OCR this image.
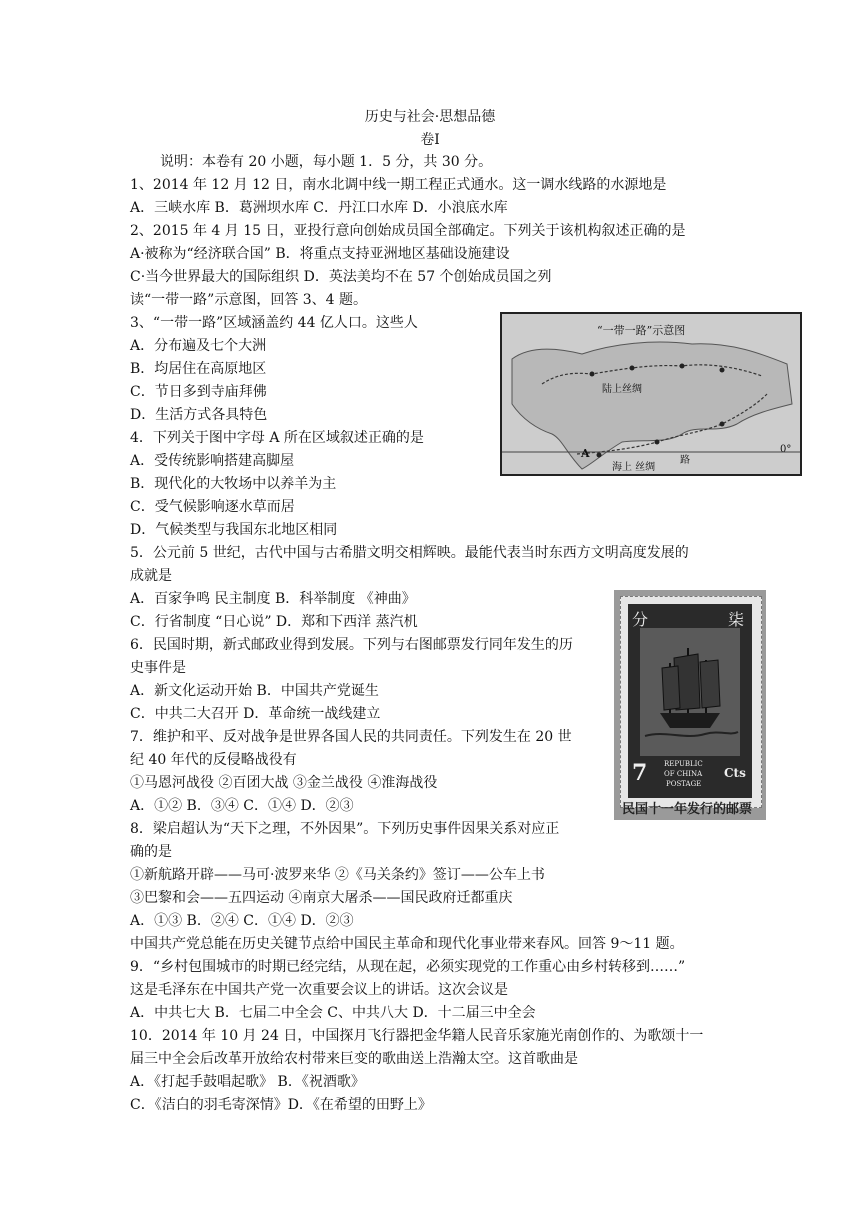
历史与社会·思想品德
卷Ⅰ
说明：本卷有 20 小题，每小题 1．5 分，共 30 分。
1、2014 年 12 月 12 日，南水北调中线一期工程正式通水。这一调水线路的水源地是
A．三峡水库 B．葛洲坝水库 C．丹江口水库 D．小浪底水库
2、2015 年 4 月 15 日，亚投行意向创始成员国全部确定。下列关于该机构叙述正确的是
A·被称为“经济联合国” B．将重点支持亚洲地区基础设施建设
C·当今世界最大的国际组织 D．英法美均不在 57 个创始成员国之列
读“一带一路”示意图，回答 3、4 题。
3、“一带一路”区域涵盖约 44 亿人口。这些人
A．分布遍及七个大洲
B．均居住在高原地区
C．节日多到寺庙拜佛
D．生活方式各具特色
4．下列关于图中字母 A 所在区域叙述正确的是
A．受传统影响搭建高脚屋
B．现代化的大牧场中以养羊为主
C．受气候影响逐水草而居
D．气候类型与我国东北地区相同
5．公元前 5 世纪，古代中国与古希腊文明交相辉映。最能代表当时东西方文明高度发展的
成就是
A．百家争鸣 民主制度 B．科举制度 《神曲》
C．行省制度 “日心说” D．郑和下西洋 蒸汽机
6．民国时期，新式邮政业得到发展。下列与右图邮票发行同年发生的历
史事件是
A．新文化运动开始 B．中国共产党诞生
C．中共二大召开 D．革命统一战线建立
7．维护和平、反对战争是世界各国人民的共同责任。下列发生在 20 世
纪 40 年代的反侵略战役有
①马恩河战役 ②百团大战 ③金兰战役 ④淮海战役
A．①② B．③④ C．①④ D．②③
8．梁启超认为“天下之理，不外因果”。下列历史事件因果关系对应正
确的是
①新航路开辟——马可·波罗来华 ②《马关条约》签订——公车上书
③巴黎和会——五四运动 ④南京大屠杀——国民政府迁都重庆
A．①③ B．②④ C．①④ D．②③
中国共产党总能在历史关键节点给中国民主革命和现代化事业带来春风。回答 9～11 题。
9．“乡村包围城市的时期已经完结，从现在起，必须实现党的工作重心由乡村转移到……”
这是毛泽东在中国共产党一次重要会议上的讲话。这次会议是
A．中共七大 B．七届二中全会 C、中共八大 D．十二届三中全会
10．2014 年 10 月 24 日，中国探月飞行器把金华籍人民音乐家施光南创作的、为歌颂十一
届三中全会后改革开放给农村带来巨变的歌曲送上浩瀚太空。这首歌曲是
A．《打起手鼓唱起歌》 B．《祝酒歌》
C．《洁白的羽毛寄深情》D．《在希望的田野上》
“一带一路”示意图
陆上丝绸
路
海上 丝绸
A	0°
分	柒
7	Cts
REPUBLIC
OF CHINA
POSTAGE
民国十一年发行的邮票
